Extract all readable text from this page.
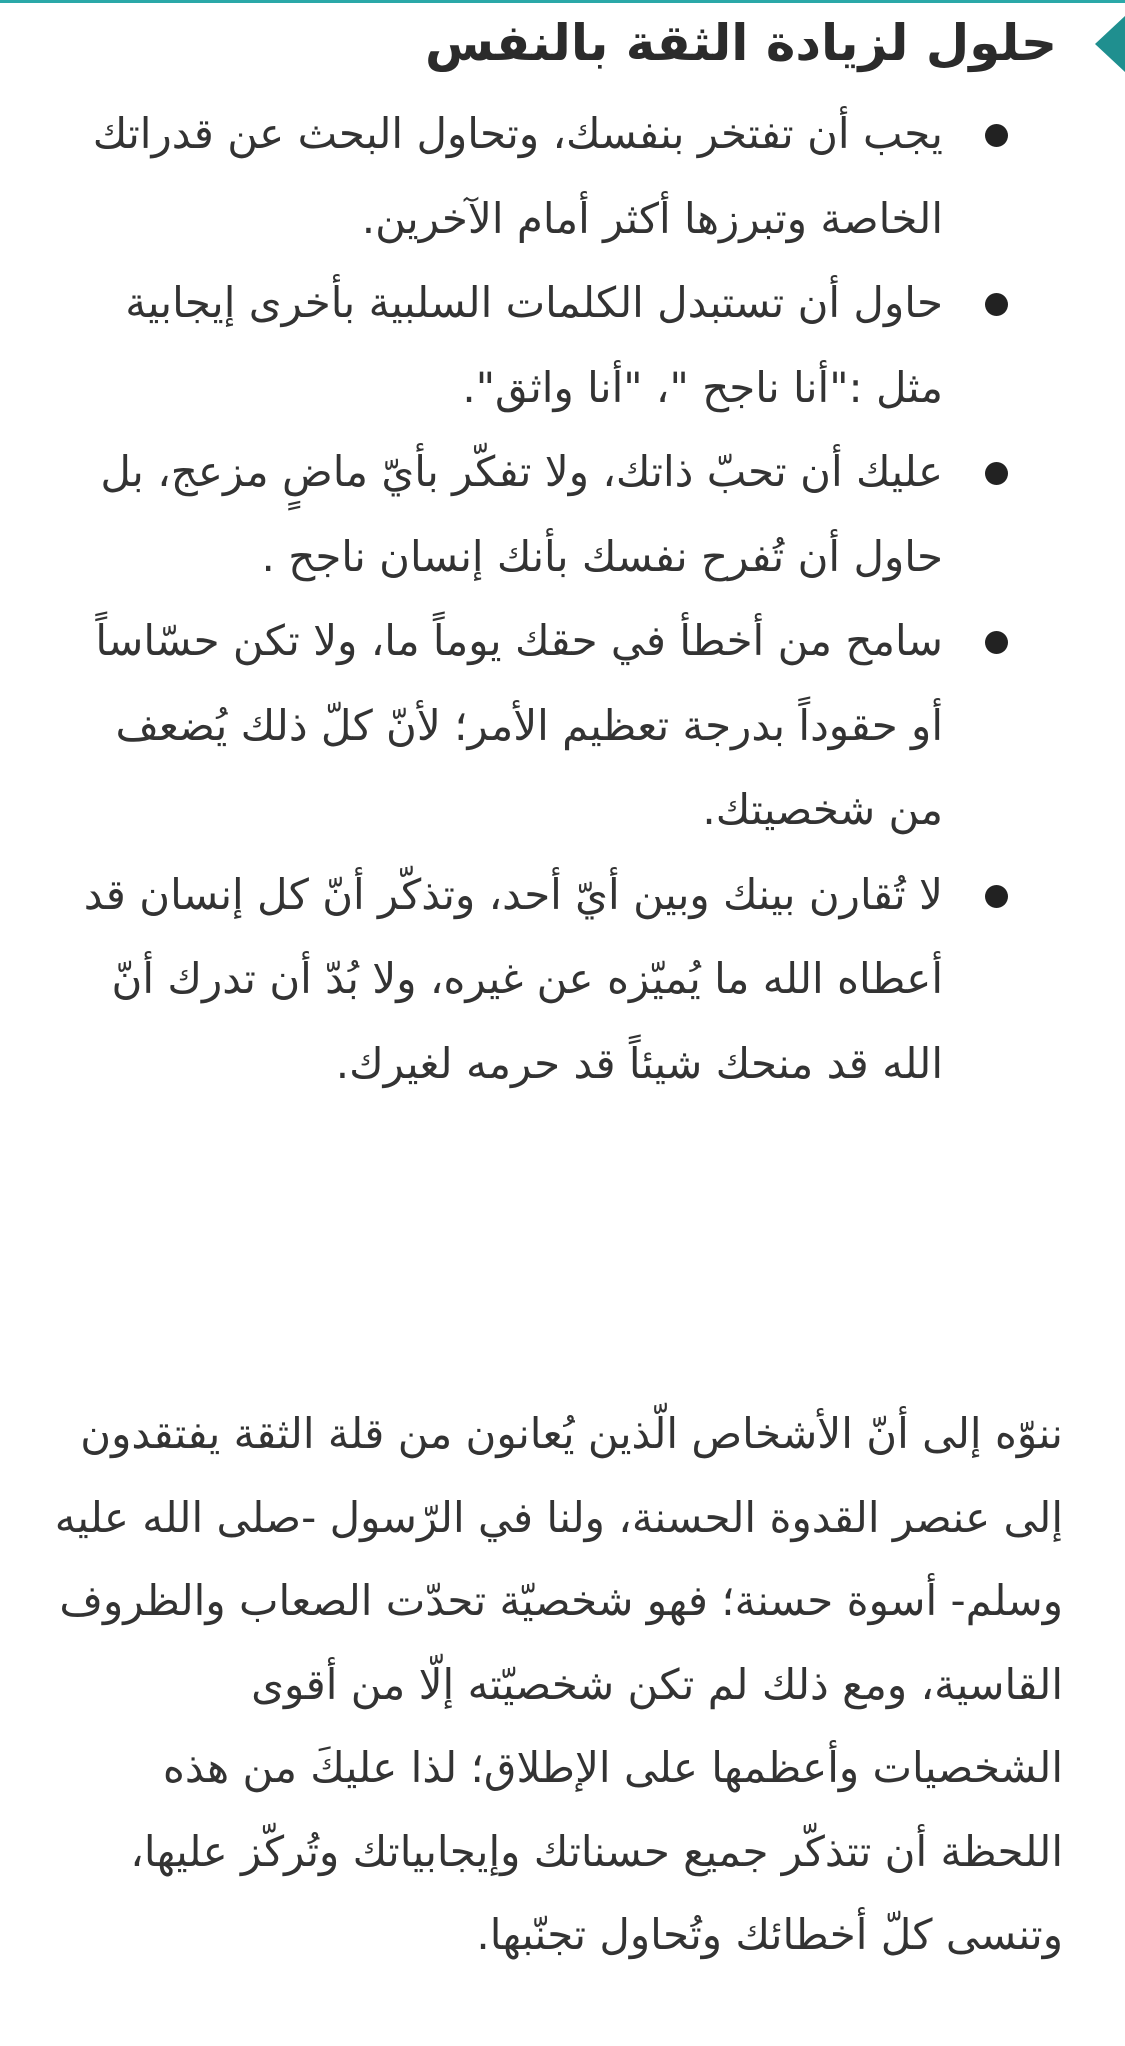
حلول لزيادة الثقة بالنفس
يجب أن تفتخر بنفسك، وتحاول البحث عن قدراتك الخاصة وتبرزها أكثر أمام الآخرين.
حاول أن تستبدل الكلمات السلبية بأخرى إيجابية مثل :"أنا ناجح "، "أنا واثق".
عليك أن تحبّ ذاتك، ولا تفكّر بأيّ ماضٍ مزعج، بل حاول أن تُفرح نفسك بأنك إنسان ناجح .
سامح من أخطأ في حقك يوماً ما، ولا تكن حسّاساً أو حقوداً بدرجة تعظيم الأمر؛ لأنّ كلّ ذلك يُضعف من شخصيتك.
لا تُقارن بينك وبين أيّ أحد، وتذكّر أنّ كل إنسان قد أعطاه الله ما يُميّزه عن غيره، ولا بُدّ أن تدرك أنّ الله قد منحك شيئاً قد حرمه لغيرك.

ننوّه إلى أنّ الأشخاص الّذين يُعانون من قلة الثقة يفتقدون إلى عنصر القدوة الحسنة، ولنا في الرّسول -صلى الله عليه وسلم- أسوة حسنة؛ فهو شخصيّة تحدّت الصعاب والظروف القاسية، ومع ذلك لم تكن شخصيّته إلّا من أقوى الشخصيات وأعظمها على الإطلاق؛ لذا عليكَ من هذه اللحظة أن تتذكّر جميع حسناتك وإيجابياتك وتُركّز عليها، وتنسى كلّ أخطائك وتُحاول تجنّبها.
